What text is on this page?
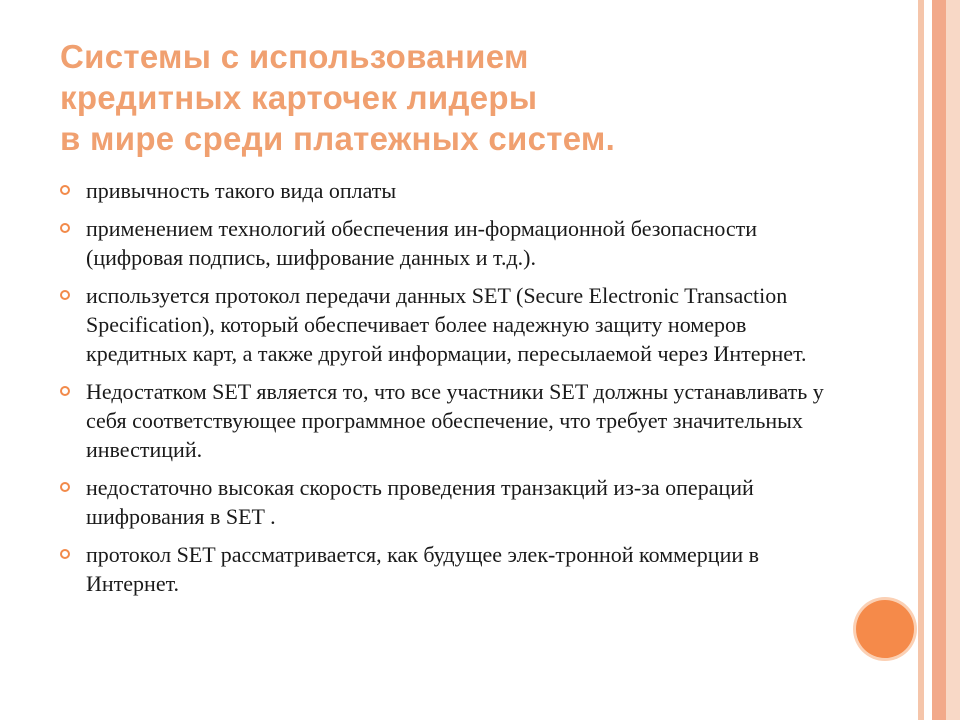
Системы с использованием
кредитных карточек лидеры
в мире среди платежных систем.
привычность такого вида оплаты
применением технологий обеспечения ин-формационной безопасности (цифровая подпись, шифрование данных и т.д.).
используется протокол передачи данных SET (Secure Electronic Transaction Specification), который обеспечивает более надежную защиту номеров кредитных карт, а также другой информации, пересылаемой через Интернет.
Недостатком SET является то, что все участники SET должны устанавливать у себя соответствующее программное обеспечение, что требует значительных инвестиций.
недостаточно высокая скорость проведения транзакций из-за операций шифрования в SET .
протокол SET рассматривается, как будущее элек-тронной коммерции в Интернет.
